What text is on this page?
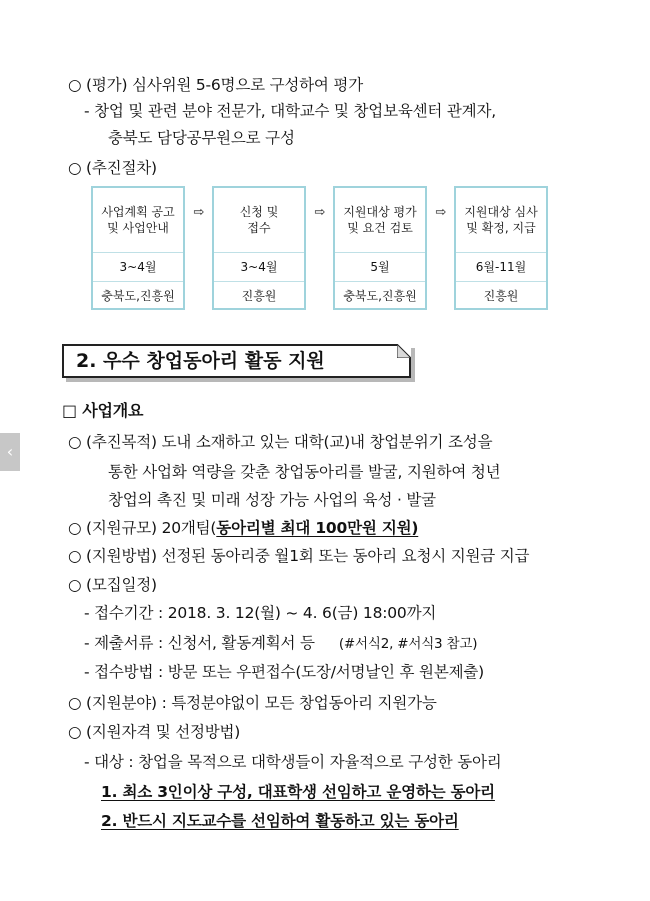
○ (평가) 심사위원 5-6명으로 구성하여 평가
- 창업 및 관련 분야 전문가, 대학교수 및 창업보육센터 관계자,
충북도 담당공무원으로 구성
○ (추진절차)
사업계획 공고
및 사업안내
3~4월
충북도,진흥원
⇨	신청 및
접수
3~4월
진흥원
⇨	지원대상 평가
및 요건 검토
5월
충북도,진흥원
⇨	지원대상 심사
및 확정, 지급
6월-11월
진흥원
2. 우수 창업동아리 활동 지원
‹
□ 사업개요
○ (추진목적) 도내 소재하고 있는 대학(교)내 창업분위기 조성을
통한 사업화 역량을 갖춘 창업동아리를 발굴, 지원하여 청년
창업의 촉진 및 미래 성장 가능 사업의 육성 · 발굴
○ (지원규모) 20개팀(동아리별 최대 100만원 지원)
○ (지원방법) 선정된 동아리중 월1회 또는 동아리 요청시 지원금 지급
○ (모집일정)
- 접수기간 : 2018. 3. 12(월) ~ 4. 6(금) 18:00까지
- 제출서류 : 신청서, 활동계획서 등 (#서식2, #서식3 참고)
- 접수방법 : 방문 또는 우편접수(도장/서명날인 후 원본제출)
○ (지원분야) : 특정분야없이 모든 창업동아리 지원가능
○ (지원자격 및 선정방법)
- 대상 : 창업을 목적으로 대학생들이 자율적으로 구성한 동아리
1. 최소 3인이상 구성, 대표학생 선임하고 운영하는 동아리
2. 반드시 지도교수를 선임하여 활동하고 있는 동아리
